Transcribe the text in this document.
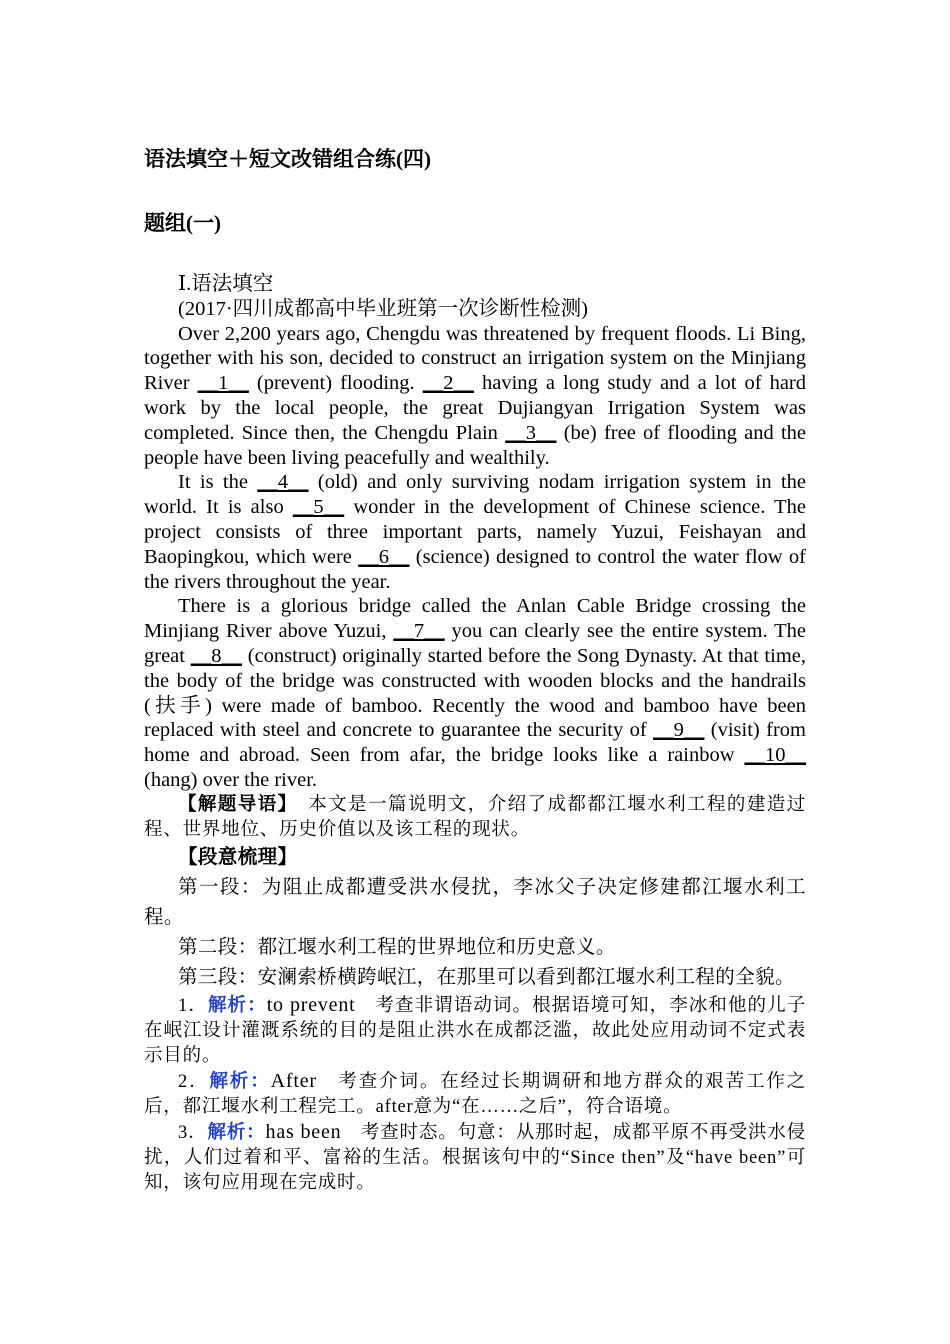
语法填空＋短文改错组合练(四)
题组(一)

Ⅰ.语法填空

(2017·四川成都高中毕业班第一次诊断性检测)

Over 2,200 years ago, Chengdu was threatened by frequent floods. Li Bing, together with his son, decided to construct an irrigation system on the Minjiang River __1__ (prevent) flooding. __2__ having a long study and a lot of hard work by the local people, the great Dujiangyan Irrigation System was completed. Since then, the Chengdu Plain __3__ (be) free of flooding and the people have been living peacefully and wealthily.

It is the __4__ (old) and only surviving nodam irrigation system in the world. It is also __5__ wonder in the development of Chinese science. The project consists of three important parts, namely Yuzui, Feishayan and Baopingkou, which were __6__ (science) designed to control the water flow of the rivers throughout the year.

There is a glorious bridge called the Anlan Cable Bridge crossing the Minjiang River above Yuzui, __7__ you can clearly see the entire system. The great __8__ (construct) originally started before the Song Dynasty. At that time, the body of the bridge was constructed with wooden blocks and the handrails (扶手) were made of bamboo. Recently the wood and bamboo have been replaced with steel and concrete to guarantee the security of __9__ (visit) from home and abroad. Seen from afar, the bridge looks like a rainbow __10__ (hang) over the river.

【解题导语】　本文是一篇说明文，介绍了成都都江堰水利工程的建造过程、世界地位、历史价值以及该工程的现状。

【段意梳理】

第一段：为阻止成都遭受洪水侵扰，李冰父子决定修建都江堰水利工程。

第二段：都江堰水利工程的世界地位和历史意义。

第三段：安澜索桥横跨岷江，在那里可以看到都江堰水利工程的全貌。

1．解析：to prevent　考查非谓语动词。根据语境可知，李冰和他的儿子在岷江设计灌溉系统的目的是阻止洪水在成都泛滥，故此处应用动词不定式表示目的。

2．解析：After　考查介词。在经过长期调研和地方群众的艰苦工作之后，都江堰水利工程完工。after意为“在……之后”，符合语境。

3．解析：has been　考查时态。句意：从那时起，成都平原不再受洪水侵扰，人们过着和平、富裕的生活。根据该句中的“Since then”及“have been”可知，该句应用现在完成时。
